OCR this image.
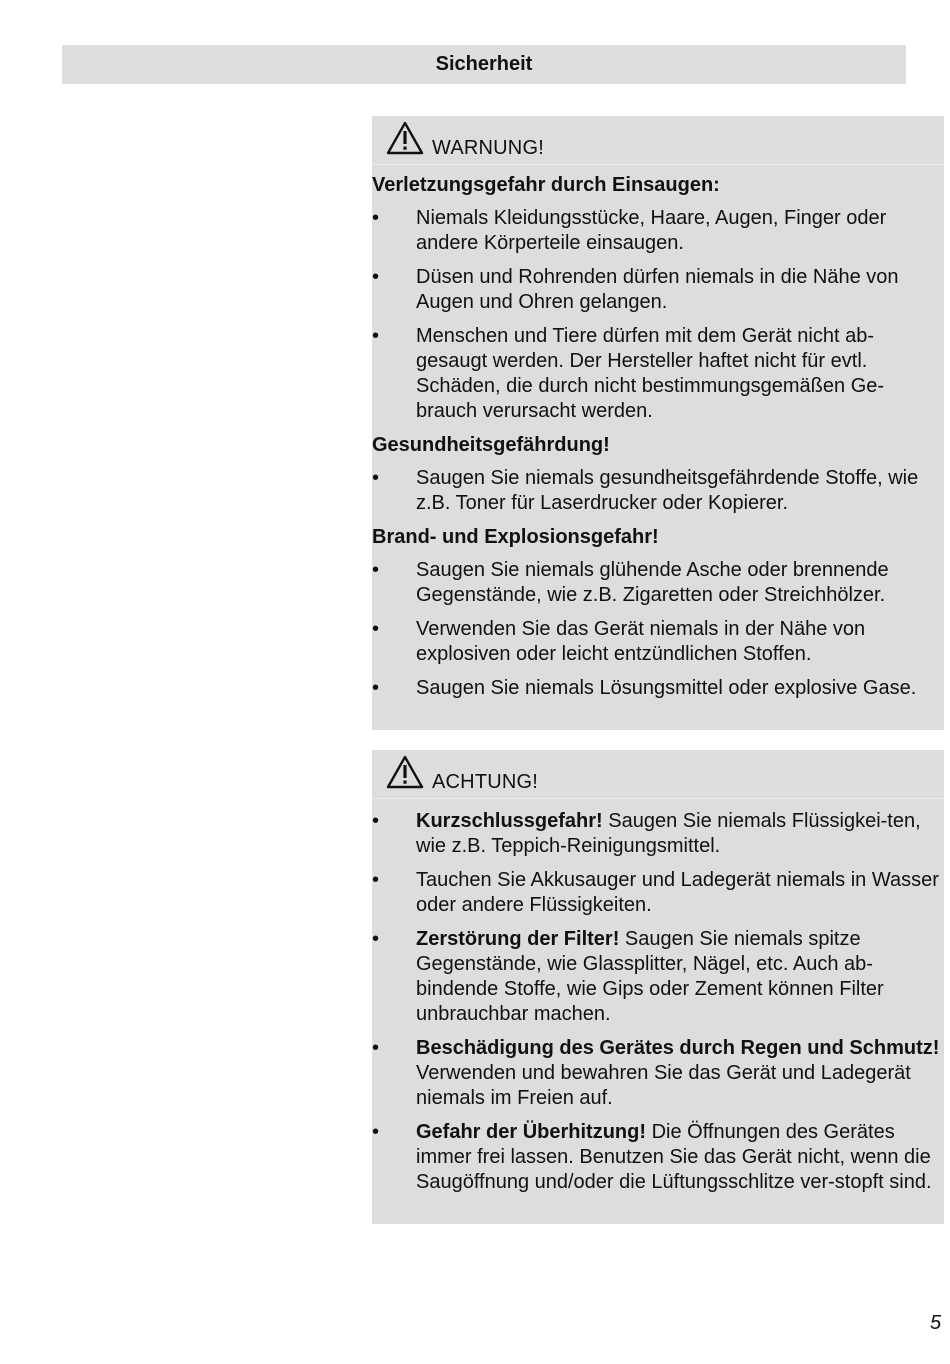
Sicherheit
WARNUNG!
Verletzungsgefahr durch Einsaugen:
• Niemals Kleidungsstücke, Haare, Augen, Finger oder andere Körperteile einsaugen.
• Düsen und Rohrenden dürfen niemals in die Nähe von Augen und Ohren gelangen.
• Menschen und Tiere dürfen mit dem Gerät nicht ab-gesaugt werden. Der Hersteller haftet nicht für evtl. Schäden, die durch nicht bestimmungsgemäßen Ge-brauch verursacht werden.
Gesundheitsgefährdung!
• Saugen Sie niemals gesundheitsgefährdende Stoffe, wie z.B. Toner für Laserdrucker oder Kopierer.
Brand- und Explosionsgefahr!
• Saugen Sie niemals glühende Asche oder brennende Gegenstände, wie z.B. Zigaretten oder Streichhölzer.
• Verwenden Sie das Gerät niemals in der Nähe von explosiven oder leicht entzündlichen Stoffen.
• Saugen Sie niemals Lösungsmittel oder explosive Gase.
ACHTUNG!
• Kurzschlussgefahr! Saugen Sie niemals Flüssigkei-ten, wie z.B. Teppich-Reinigungsmittel.
• Tauchen Sie Akkusauger und Ladegerät niemals in Wasser oder andere Flüssigkeiten.
• Zerstörung der Filter! Saugen Sie niemals spitze Gegenstände, wie Glassplitter, Nägel, etc. Auch ab-bindende Stoffe, wie Gips oder Zement können Filter unbrauchbar machen.
• Beschädigung des Gerätes durch Regen und Schmutz! Verwenden und bewahren Sie das Gerät und Ladegerät niemals im Freien auf.
• Gefahr der Überhitzung! Die Öffnungen des Gerätes immer frei lassen. Benutzen Sie das Gerät nicht, wenn die Saugöffnung und/oder die Lüftungsschlitze ver-stopft sind.
5
